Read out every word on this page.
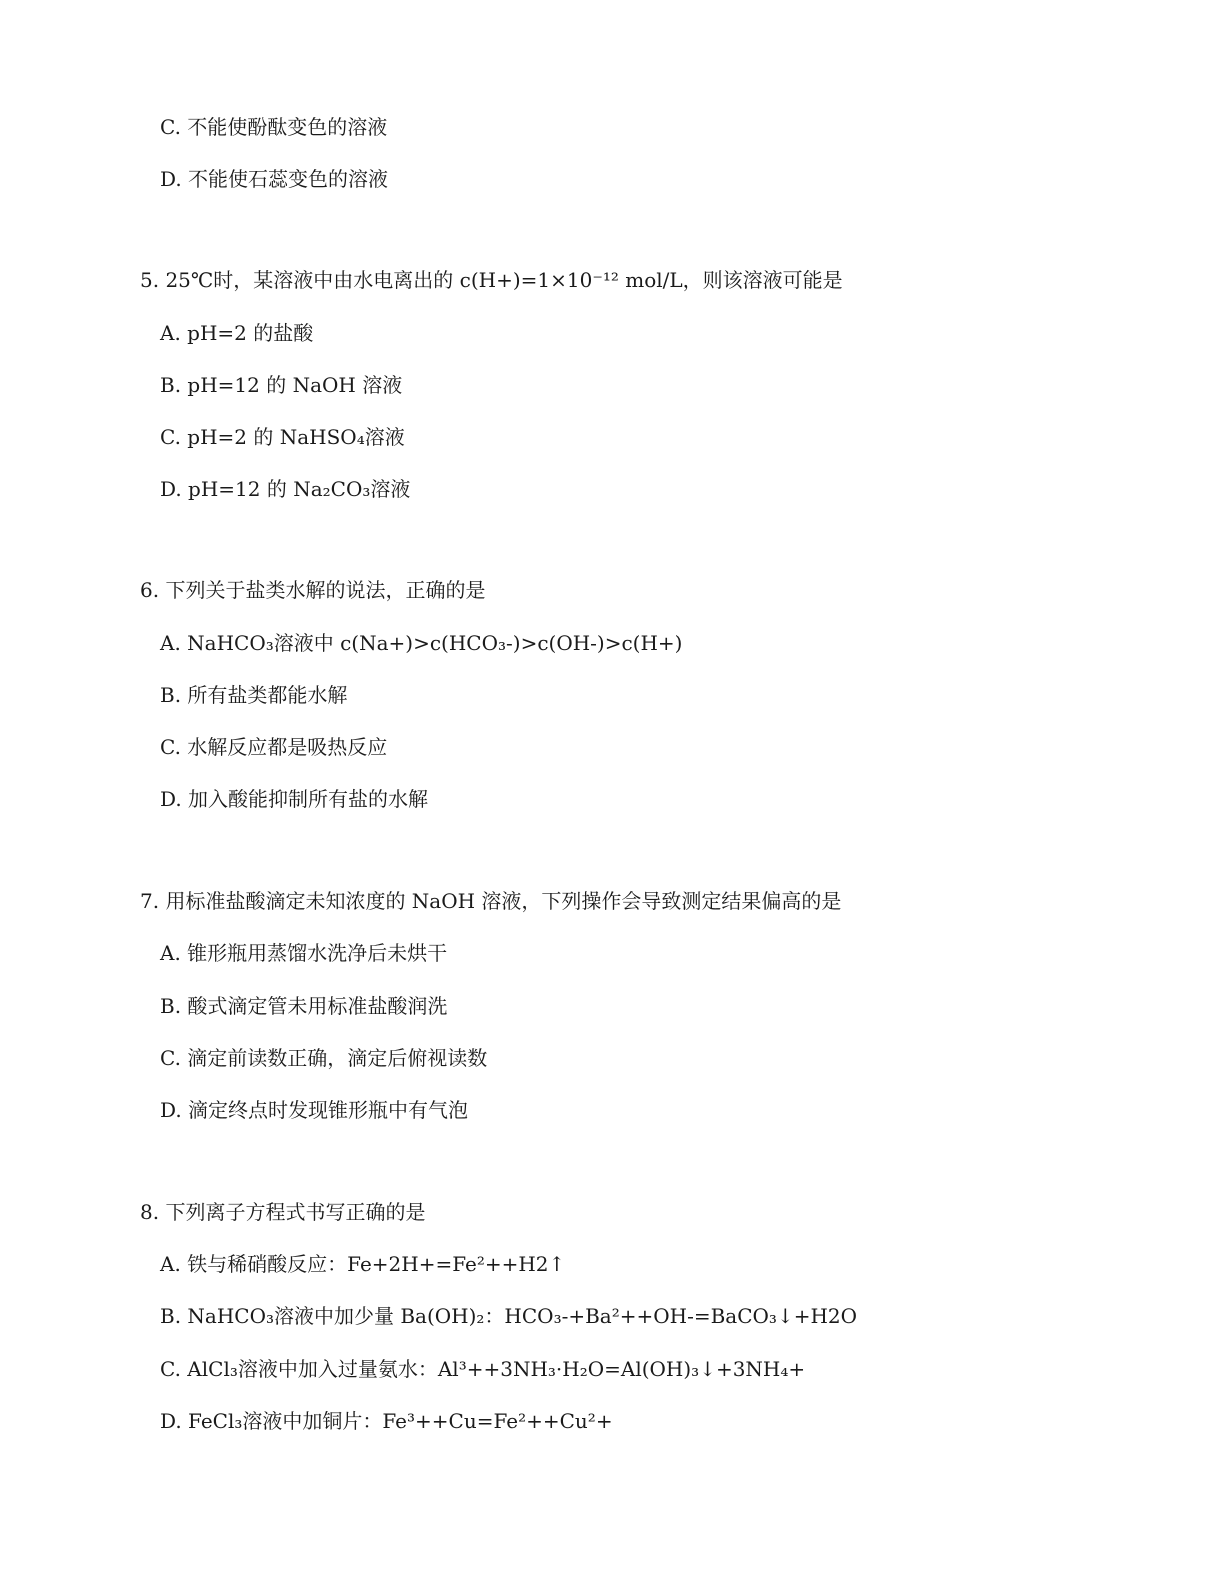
C. 不能使酚酞变色的溶液
D. 不能使石蕊变色的溶液
5. 25℃时，某溶液中由水电离出的 c(H+)=1×10⁻¹² mol/L，则该溶液可能是
A. pH=2 的盐酸
B. pH=12 的 NaOH 溶液
C. pH=2 的 NaHSO₄溶液
D. pH=12 的 Na₂CO₃溶液
6. 下列关于盐类水解的说法，正确的是
A. NaHCO₃溶液中 c(Na+)>c(HCO₃-)>c(OH-)>c(H+)
B. 所有盐类都能水解
C. 水解反应都是吸热反应
D. 加入酸能抑制所有盐的水解
7. 用标准盐酸滴定未知浓度的 NaOH 溶液，下列操作会导致测定结果偏高的是
A. 锥形瓶用蒸馏水洗净后未烘干
B. 酸式滴定管未用标准盐酸润洗
C. 滴定前读数正确，滴定后俯视读数
D. 滴定终点时发现锥形瓶中有气泡
8. 下列离子方程式书写正确的是
A. 铁与稀硝酸反应：Fe+2H+=Fe²++H2↑
B. NaHCO₃溶液中加少量 Ba(OH)₂：HCO₃-+Ba²++OH-=BaCO₃↓+H2O
C. AlCl₃溶液中加入过量氨水：Al³++3NH₃·H₂O=Al(OH)₃↓+3NH₄+
D. FeCl₃溶液中加铜片：Fe³++Cu=Fe²++Cu²+
